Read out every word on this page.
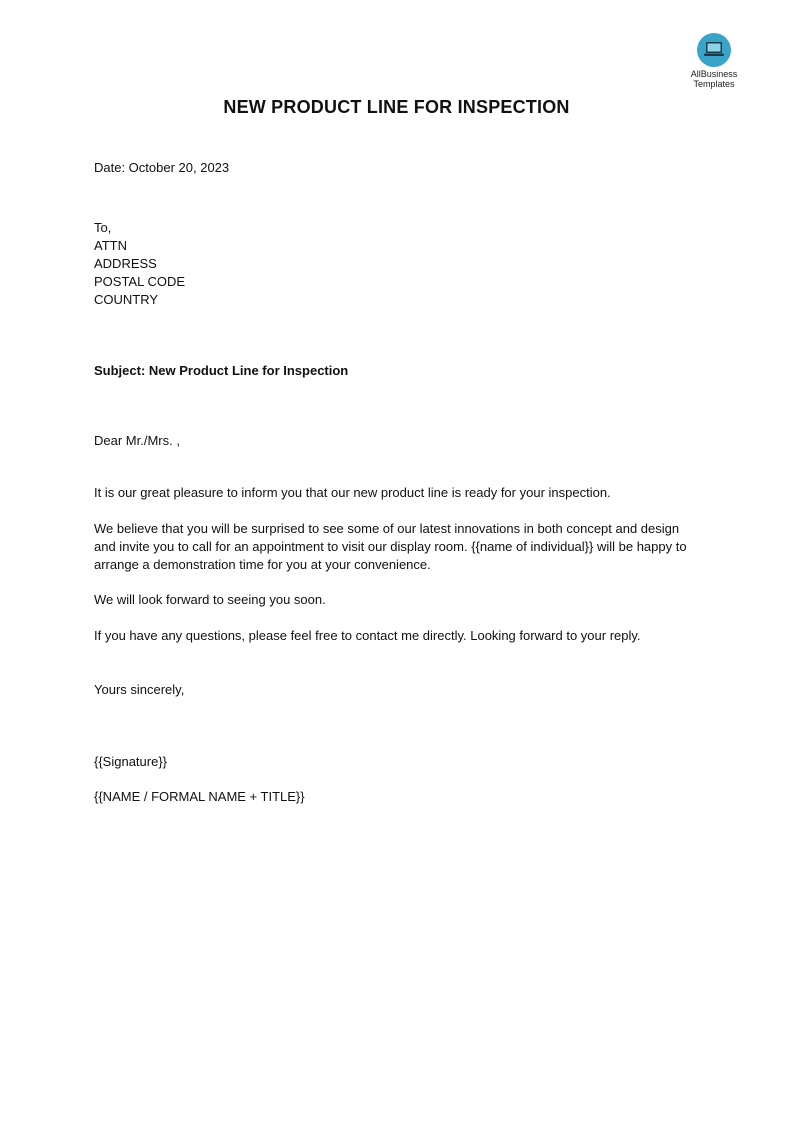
AllBusiness
Templates
NEW PRODUCT LINE FOR INSPECTION
Date: October 20, 2023
To,
ATTN
ADDRESS
POSTAL CODE
COUNTRY
Subject: New Product Line for Inspection
Dear Mr./Mrs. ,
It is our great pleasure to inform you that our new product line is ready for your inspection.
We believe that you will be surprised to see some of our latest innovations in both concept and design and invite you to call for an appointment to visit our display room. {{name of individual}} will be happy to arrange a demonstration time for you at your convenience.
We will look forward to seeing you soon.
If you have any questions, please feel free to contact me directly. Looking forward to your reply.
Yours sincerely,
{{Signature}}
{{NAME / FORMAL NAME + TITLE}}
